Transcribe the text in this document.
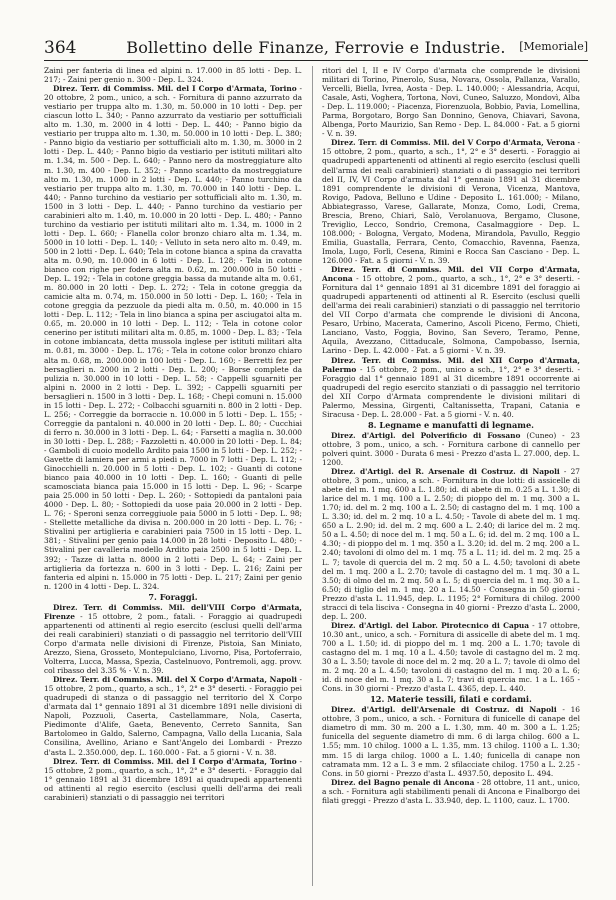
364	Bollettino delle Finanze, Ferrovie e Industrie.	[Memoriale]

Zaini per fanteria di linea ed alpini n. 17.000 in 85 lotti - Dep. L. 217; - Zaini per genio n. 300 - Dep. L. 324.

Direz. Terr. di Commiss. Mil. del I Corpo d'Armata, Torino - 20 ottobre, 2 pom., unico, a sch. - Fornitura di panno azzurrato da vestiario per truppa alto m. 1.30, m. 50.000 in 10 lotti - Dep. per ciascun lotto L. 340; - Panno azzurrato da vestiario per sottufficiali alto m. 1.30, m. 2000 in 4 lotti - Dep. L. 440; - Panno bigio da vestiario per truppa alto m. 1.30, m. 50.000 in 10 lotti - Dep. L. 380; - Panno bigio da vestiario per sottufficiali alto m. 1.30, m. 3000 in 2 lotti - Dep. L. 440; - Panno bigio da vestiario per istituti militari alto m. 1.34, m. 500 - Dep. L. 640; - Panno nero da mostreggiature alto m. 1.30, m. 400 - Dep. L. 352; - Panno scarlatto da mostreggiature alto m. 1.30, m. 1000 in 2 lotti - Dep. L. 440; - Panno turchino da vestiario per truppa alto m. 1.30, m. 70.000 in 140 lotti - Dep. L. 440; - Panno turchino da vestiario per sottufficiali alto m. 1.30, m. 1500 in 3 lotti - Dep. L. 440; - Panno turchino da vestiario per carabinieri alto m. 1.40, m. 10.000 in 20 lotti - Dep. L. 480; - Panno turchino da vestiario per istituti militari alto m. 1.34, m. 1000 in 2 lotti - Dep. L. 660; - Flanella color bronzo chiaro alta m. 1.34, m. 5000 in 10 lotti - Dep. L. 140; - Velluto in seta nero alto m. 0.49, m. 500 in 2 lotti - Dep. L. 640; Tela in cotone bianca a spina da cravatta alta m. 0.90, m. 10.000 in 6 lotti - Dep. L. 128; - Tela in cotone bianco con righe per fodera alta m. 0.62, m. 200.000 in 50 lotti - Dep. L. 192; - Tela in cotone greggia bassa da mutande alta m. 0.61, m. 80.000 in 20 lotti - Dep. L. 272; - Tela in cotone greggia da camicie alta m. 0.74, m. 150.000 in 50 lotti - Dep. L. 160; - Tela in cotone greggia da pezzuole da piedi alta m. 0.50, m. 40.000 in 15 lotti - Dep. L. 112; - Tela in lino bianca a spina per asciugatoi alta m. 0.65, m. 20.000 in 10 lotti - Dep. L. 112; - Tela in cotone color cenerino per istituti militari alta m. 0.85, m. 1000 - Dep. L. 83; - Tela in cotone imbiancata, detta mussola inglese per istituti militari alta m. 0.81, m. 3000 - Dep. L. 176; - Tela in cotone color bronzo chiaro alta m. 0.68, m. 200.000 in 100 lotti - Dep. L. 160; - Berretti fez per bersaglieri n. 2000 in 2 lotti - Dep. L. 200; - Borse complete da pulizia n. 30.000 in 10 lotti - Dep. L. 58; - Cappelli sguarniti per alpini n. 2000 in 2 lotti - Dep. L. 392; - Cappelli sguarniti per bersaglieri n. 1500 in 3 lotti - Dep. L. 168; - Chepì comuni n. 15.000 in 15 lotti - Dep. L. 272; - Colbacchi sguarniti n. 800 in 2 lotti - Dep. L. 256; - Correggie da borraccie n. 10.000 in 5 lotti - Dep. L. 155; - Correggie da pantaloni n. 40.000 in 20 lotti - Dep. L. 80; - Cucchiai di ferro n. 30.000 in 3 lotti - Dep. L. 64; - Farsetti a maglia n. 30.000 in 30 lotti - Dep. L. 288; - Fazzoletti n. 40.000 in 20 lotti - Dep. L. 84; - Gamboli di cuoio modello Ardito paia 1500 in 5 lotti - Dep. L. 252; - Gavette di lamiera per armi a piedi n. 7000 in 7 lotti - Dep. L. 112; - Ginocchielli n. 20.000 in 5 lotti - Dep. L. 102; - Guanti di cotone bianco paia 40.000 in 10 lotti - Dep. L. 160; - Guanti di pelle scamosciata bianca paia 15.000 in 15 lotti - Dep. L. 96; - Scarpe paia 25.000 in 50 lotti - Dep. L. 260; - Sottopiedi da pantaloni paia 4000 - Dep. L. 80; - Sottopiedi da uose paia 20.000 in 2 lotti - Dep. L. 76; - Speroni senza correggiuole paia 5000 in 5 lotti - Dep. L. 98; - Stellette metalliche da divisa n. 200.000 in 20 lotti - Dep. L. 76; - Stivalini per artiglieria e carabinieri paia 7500 in 15 lotti - Dep. L. 381; - Stivalini per genio paia 14.000 in 28 lotti - Deposito L. 480; - Stivalini per cavalleria modello Ardito paia 2500 in 5 lotti - Dep. L. 392; - Tazze di latta n. 8000 in 2 lotti - Dep. L. 64; - Zaini per artiglieria da fortezza n. 600 in 3 lotti - Dep. L. 216; Zaini per fanteria ed alpini n. 15.000 in 75 lotti - Dep. L. 217; Zaini per genio n. 1200 in 4 lotti - Dep. L. 324.

7. Foraggi.

Direz. Terr. di Commiss. Mil. dell'VIII Corpo d'Armata, Firenze - 15 ottobre, 2 pom., fatali. - Foraggio ai quadrupedi appartenenti od attinenti al regio esercito (esclusi quelli dell'arma dei reali carabinieri) stanziati o di passaggio nel territorio dell'VIII Corpo d'armata nelle divisioni di Firenze, Pistoia, San Miniato, Arezzo, Siena, Grosseto, Montepulciano, Livorno, Pisa, Portoferraio, Volterra, Lucca, Massa, Spezia, Castelnuovo, Pontremoli, agg. provv. col ribasso del 3.35 % - V. n. 39.

Direz. Terr. di Commiss. Mil. del X Corpo d'Armata, Napoli - 15 ottobre, 2 pom., quarto, a sch., 1°, 2° e 3° deserti. - Foraggio pei quadrupedi di stanza o di passaggio nel territorio del X Corpo d'armata dal 1° gennaio 1891 al 31 dicembre 1891 nelle divisioni di Napoli, Pozzuoli, Caserta, Castellammare, Nola, Caserta, Piedimonte d'Alife, Gaeta, Benevento, Cerreto Sannita, San Bartolomeo in Galdo, Salerno, Campagna, Vallo della Lucania, Sala Consilina, Avellino, Ariano e Sant'Angelo dei Lombardi - Prezzo d'asta L. 2.350.000, dep. L. 160.000 - Fat. a 5 giorni - V. n. 38.

Direz. Terr. di Commiss. Mil. del I Corpo d'Armata, Torino - 15 ottobre, 2 pom., quarto, a sch., 1°, 2° e 3° deserti. - Foraggio dal 1° gennaio 1891 al 31 dicembre 1891 ai quadrupedi appartenenti od attinenti al regio esercito (esclusi quelli dell'arma dei reali carabinieri) stanziati o di passaggio nei territori

ritori del I, II e IV Corpo d'armata che comprende le divisioni militari di Torino, Pinerolo, Susa, Novara, Ossola, Pallanza, Varallo, Vercelli, Biella, Ivrea, Aosta - Dep. L. 140.000; - Alessandria, Acqui, Casale, Asti, Voghera, Tortona, Novi, Cuneo, Saluzzo, Mondovì, Alba - Dep. L. 119.000; - Piacenza, Fiorenzuola, Bobbio, Pavia, Lomellina, Parma, Borgotaro, Borgo San Donnino, Genova, Chiavari, Savona, Albenga, Porto Maurizio, San Remo - Dep. L. 84.000 - Fat. a 5 giorni - V. n. 39.

Direz. Terr. di Commiss. Mil. del V Corpo d'Armata, Verona - 15 ottobre, 2 pom., quarto, a sch., 1°, 2° e 3° deserti. - Foraggio ai quadrupedi appartenenti od attinenti al regio esercito (esclusi quelli dell'arma dei reali carabinieri) stanziati o di passaggio nei territori del II, IV, VI Corpo d'armata dal 1° gennaio 1891 al 31 dicembre 1891 comprendente le divisioni di Verona, Vicenza, Mantova, Rovigo, Padova, Belluno e Udine - Deposito L. 161.000; - Milano, Abbiategrasso, Varese, Gallarate, Monza, Como, Lodi, Crema, Brescia, Breno, Chiari, Salò, Verolanuova, Bergamo, Clusone, Treviglio, Lecco, Sondrio, Cremona, Casalmaggiore - Dep. L. 108.000; - Bologna, Vergato, Modena, Mirandola, Pavullo, Reggio Emilia, Guastalla, Ferrara, Cento, Comacchio, Ravenna, Faenza, Imola, Lugo, Forlì, Cesena, Rimini e Rocca San Casciano - Dep. L. 126.000 - Fat. a 5 giorni - V. n. 39.

Direz. Terr. di Commiss. Mil. del VII Corpo d'Armata, Ancona - 15 ottobre, 2 pom., quarto, a sch., 1°, 2° e 3° deserti. - Fornitura dal 1° gennaio 1891 al 31 dicembre 1891 del foraggio ai quadrupedi appartenenti od attinenti al R. Esercito (esclusi quelli dell'arma dei reali carabinieri) stanziati o di passaggio nel territorio del VII Corpo d'armata che comprende le divisioni di Ancona, Pesaro, Urbino, Macerata, Camerino, Ascoli Piceno, Fermo, Chieti, Lanciano, Vasto, Foggia, Bovino, San Severo, Teramo, Penne, Aquila, Avezzano, Cittaducale, Solmona, Campobasso, Isernia, Larino - Dep. L. 42.000 - Fat. a 5 giorni - V. n. 39.

Direz. Terr. di Commiss. Mil. del XII Corpo d'Armata, Palermo - 15 ottobre, 2 pom., unico a sch., 1°, 2° e 3° deserti. - Foraggio dal 1° gennaio 1891 al 31 dicembre 1891 occorrente ai quadrupedi del regio esercito stanziati o di passaggio nel territorio del XII Corpo d'Armata comprendente le divisioni militari di Palermo, Messina, Girgenti, Caltanissetta, Trapani, Catania e Siracusa - Dep. L. 28.000 - Fat. a 5 giorni - V. n. 40.

8. Legname e manufatti di legname.

Direz. d'Artigl. del Polverificio di Fossano (Cuneo) - 23 ottobre, 3 pom., unico, a sch. - Fornitura carbone di cannello per polveri quint. 3000 - Durata 6 mesi - Prezzo d'asta L. 27.000, dep. L. 1200.

Direz. d'Artigl. del R. Arsenale di Costruz. di Napoli - 27 ottobre, 3 pom., unico, a sch. - Fornitura in due lotti: di assicelle di abete del m. 1 mq. 600 a L. 1.80; id. di abete di m. 0.25 a L. 1.30; di larice del m. 1 mq. 100 a L. 2.50; di pioppo del m. 1 mq. 300 a L. 1.70; id. del m. 2 mq. 100 a L. 2.50; di castagno del m. 1 mq. 100 a L. 3.30; id. del m. 2 mq. 10 a L. 4.50; - Tavole di abete del m. 1 mq. 650 a L. 2.90; id. del m. 2 mq. 600 a L. 2.40; di larice del m. 2 mq. 50 a L. 4.50; di noce del m. 1 mq. 50 a L. 6; id. del m. 2 mq. 100 a L. 4.30; - di pioppo del m. 1 mq. 350 a L. 3.20; id. del m. 2 mq. 200 a L. 2.40; tavoloni di olmo del m. 1 mq. 75 a L. 11; id. del m. 2 mq. 25 a L. 7; tavole di quercia del m. 2 mq. 50 a L. 4.50; tavoloni di abete del m. 1 mq. 200 a L. 2.70; tavole di castagno del m. 1 mq. 30 a L. 3.50; di olmo del m. 2 mq. 50 a L. 5; di quercia del m. 1 mq. 30 a L. 6.50; di tiglio del m. 1 mq. 20 a L. 14.50 - Consegna in 50 giorni - Prezzo d'asta L. 11.945, dep. L. 1195; 2° Fornitura di chilog. 2000 stracci di tela lisciva - Consegna in 40 giorni - Prezzo d'asta L. 2000, dep. L. 200.

Direz. d'Artigl. del Labor. Pirotecnico di Capua - 17 ottobre, 10.30 ant., unico, a sch. - Fornitura di assicelle di abete del m. 1 mq. 700 a L. 1.50; id. di pioppo del m. 1 mq. 200 a L. 1.70; tavole di castagno del m. 1 mq. 10 a L. 4.50; tavole di castagno del m. 2 mq. 30 a L. 3.50; tavole di noce del m. 2 mq. 20 a L. 7; tavole di olmo del m. 2 mq. 20 a L. 4.50; tavoloni di castagno del m. 1 mq. 20 a L. 6; id. di noce del m. 1 mq. 30 a L. 7; travi di quercia mc. 1 a L. 165 - Cons. in 30 giorni - Prezzo d'asta L. 4365, dep. L. 440.

12. Materie tessili, filati e cordami.

Direz. d'Artigl. dell'Arsenale di Costruz. di Napoli - 16 ottobre, 3 pom., unico, a sch. - Fornitura di funicelle di canape del diametro di mm. 30 m. 200 a L. 1.30, mm. 40 m. 300 a L. 1.25; funicella del seguente diametro di mm. 6 di larga chilog. 600 a L. 1.55; mm. 10 chilog. 1000 a L. 1.35, mm. 13 chilog. 1100 a L. 1.30; mm. 15 di larga chilog. 1000 a L. 1.40; funicella di canape non catramata mm. 12 a L. 3 e mm. 2 sfilacciate chilog. 1750 a L. 2.25 - Cons. in 50 giorni - Prezzo d'asta L. 4937.50, deposito L. 494.

Direz. del Bagno penale di Ancona - 28 ottobre, 11 ant., unico, a sch. - Fornitura agli stabilimenti penali di Ancona e Finalborgo dei filati greggi - Prezzo d'asta L. 33.940, dep. L. 1100, cauz. L. 1700.
